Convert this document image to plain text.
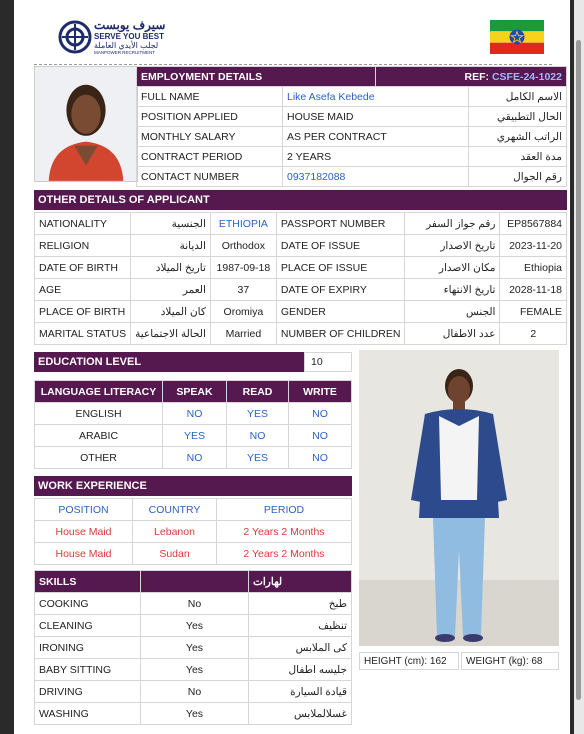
سيرف يوبست
SERVE YOU BEST
لجلب الأيدي العاملة
MANPOWER RECRUITMENT
EMPLOYMENT DETAILS		REF: CSFE-24-1022	
FULL NAME	Like Asefa Kebede		الاسم الكامل
POSITION APPLIED	HOUSE MAID		الحال التطبيقي
MONTHLY SALARY	AS PER CONTRACT		الراتب الشهري
CONTRACT PERIOD	2 YEARS		مدة العقد
CONTACT NUMBER	0937182088		رقم الجوال
OTHER DETAILS OF APPLICANT
NATIONALITY	الجنسية	ETHIOPIA	PASSPORT NUMBER	رقم جواز السفر	EP8567884
RELIGION	الديانة	Orthodox	DATE OF ISSUE	تاريخ الاصدار	2023-11-20
DATE OF BIRTH	تاريخ الميلاد	1987-09-18	PLACE OF ISSUE	مكان الاصدار	Ethiopia
AGE	العمر	37	DATE OF EXPIRY	تاريخ الانتهاء	2028-11-18
PLACE OF BIRTH	كان الميلاد	Oromiya	GENDER	الجنس	FEMALE
MARITAL STATUS	الحالة الاجتماعية	Married	NUMBER OF CHILDREN	عدد الاطفال	2
EDUCATION LEVEL	10
LANGUAGE LITERACY	SPEAK	READ	WRITE
ENGLISH	NO	YES	NO
ARABIC	YES	NO	NO
OTHER	NO	YES	NO
WORK EXPERIENCE
POSITION	COUNTRY	PERIOD
House Maid	Lebanon	2 Years 2 Months
House Maid	Sudan	2 Years 2 Months
SKILLS		لهارات
COOKING	No	طبخ
CLEANING	Yes	تنظيف
IRONING	Yes	كى الملابس
BABY SITTING	Yes	جليسه اطفال
DRIVING	No	قيادة السيارة
WASHING	Yes	غسلالملابس
HEIGHT (cm): 162	WEIGHT (kg): 68
